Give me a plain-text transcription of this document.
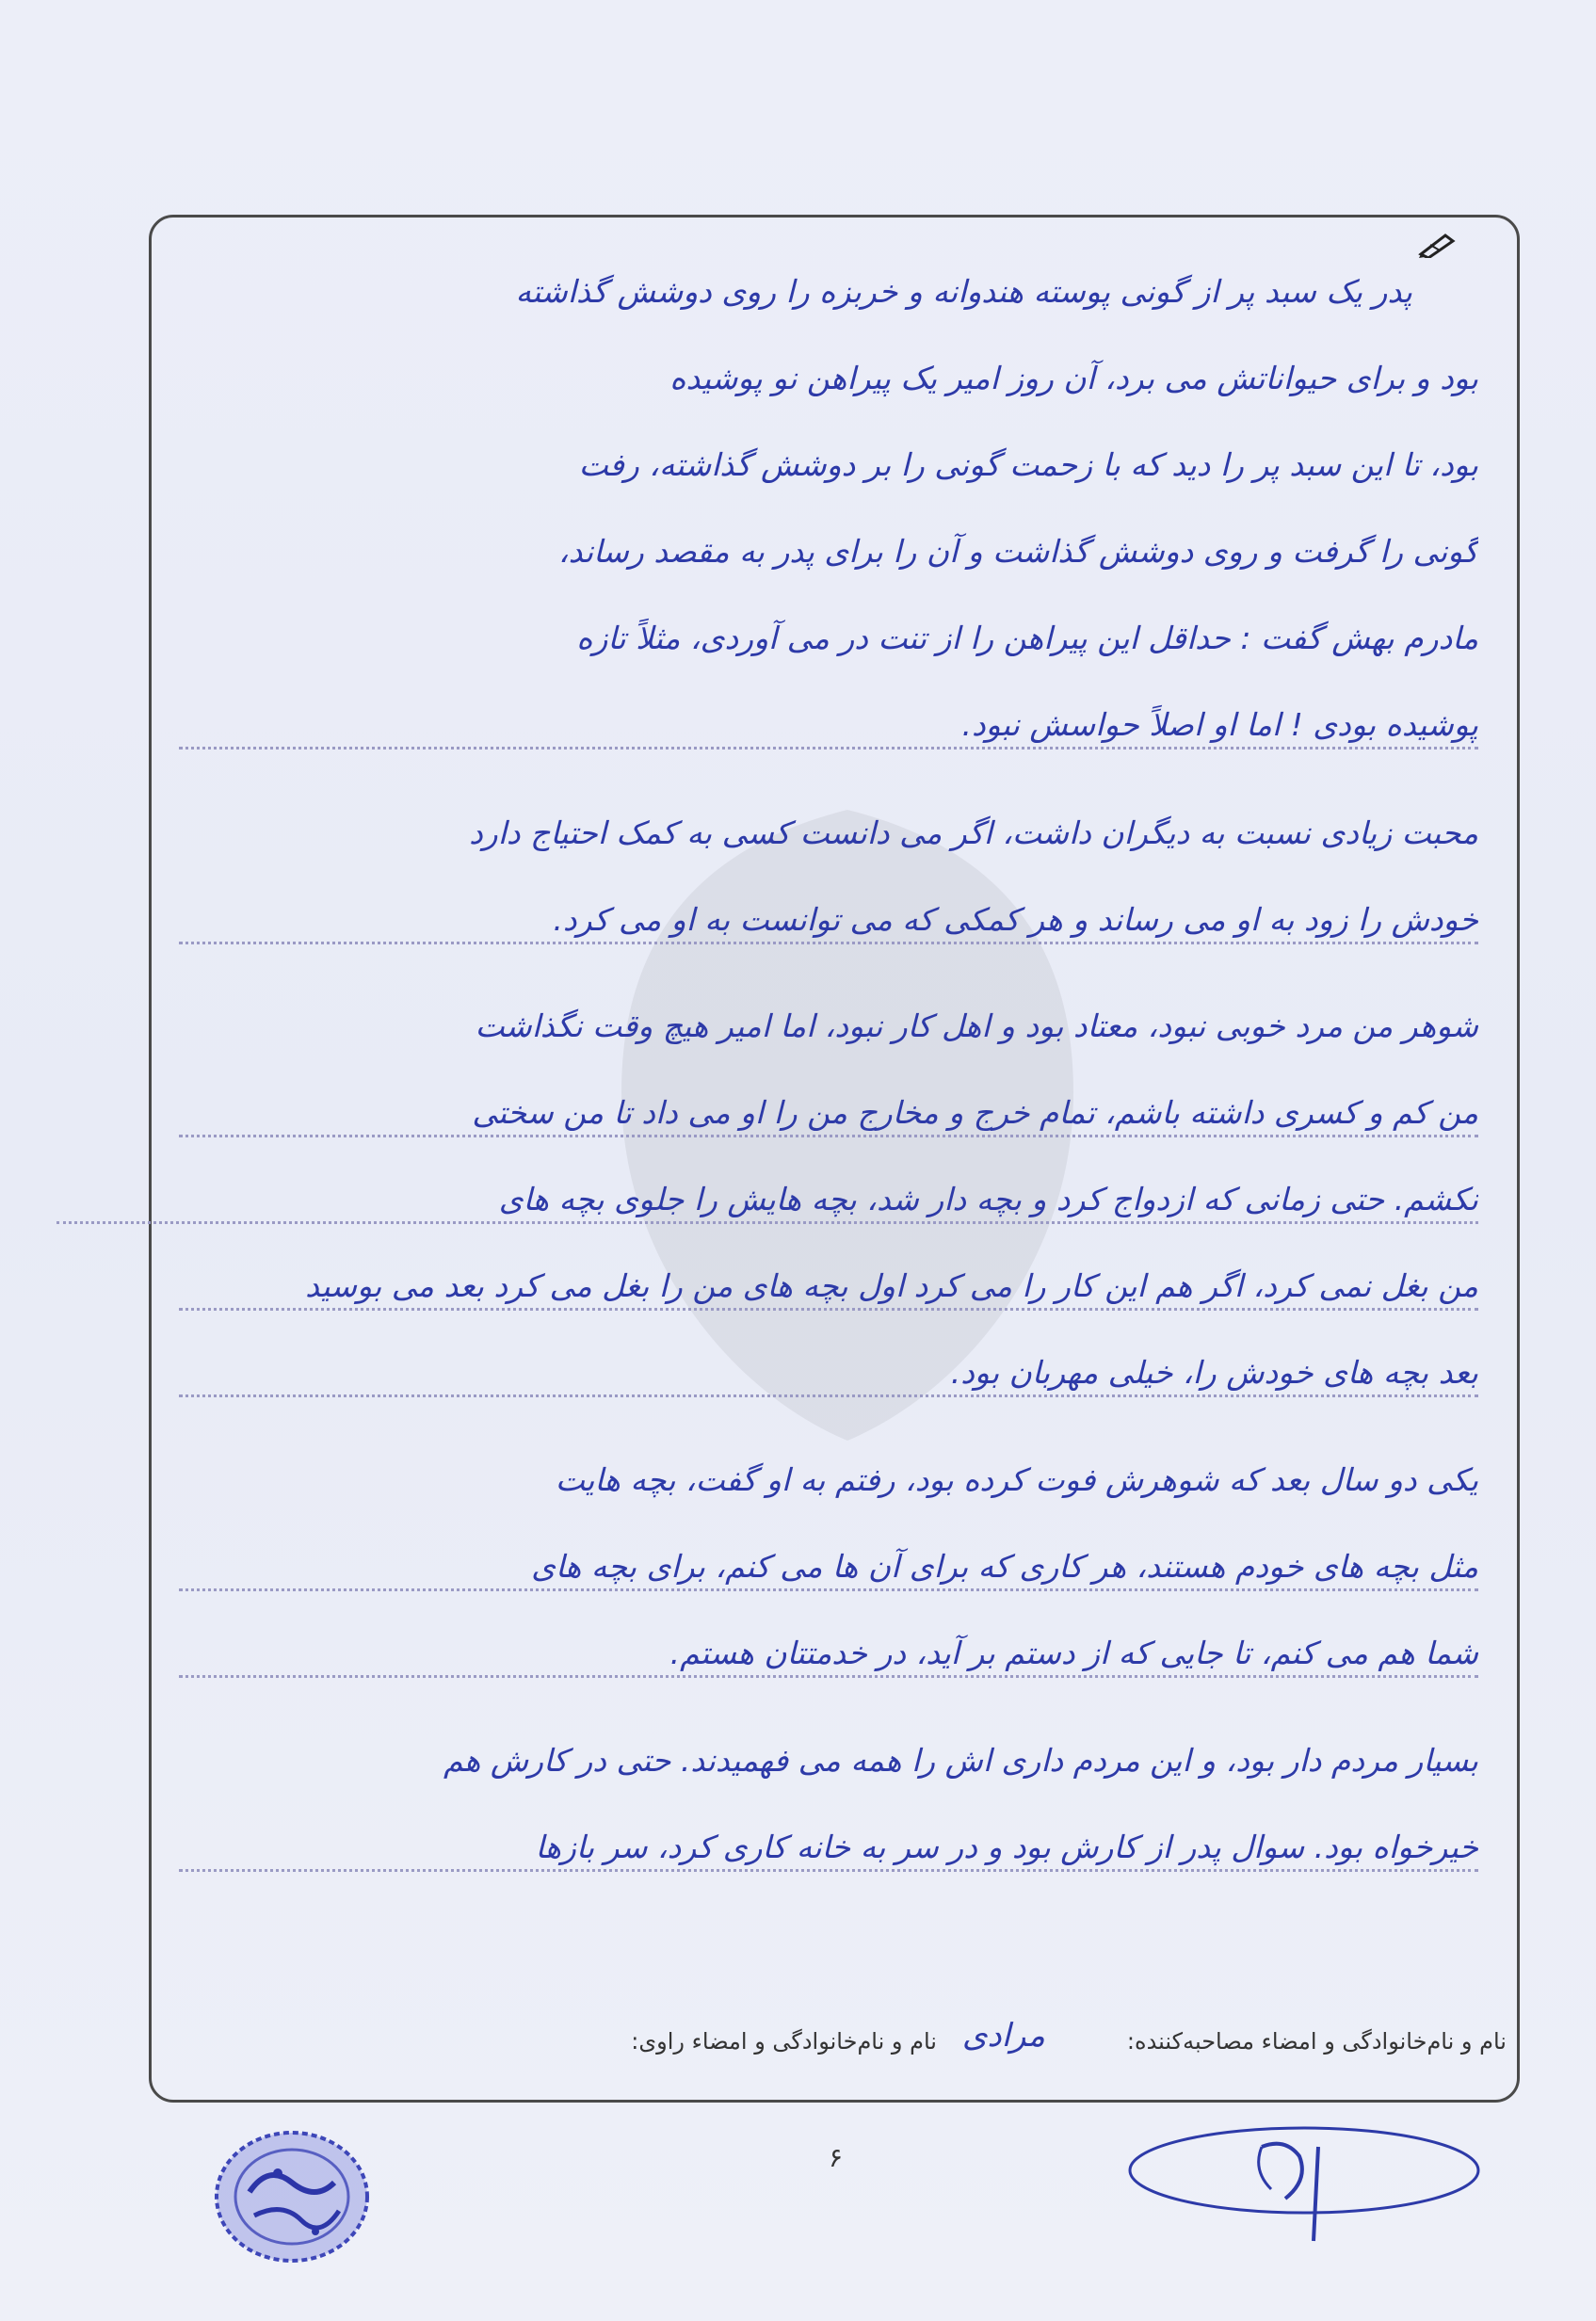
پدر یک سبد پر از گونی پوسته هندوانه و خربزه را روی دوشش گذاشته
بود و برای حیواناتش می برد، آن روز امیر یک پیراهن نو پوشیده
بود، تا این سبد پر را دید که با زحمت گونی را بر دوشش گذاشته، رفت
گونی را گرفت و روی دوشش گذاشت و آن را برای پدر به مقصد رساند،
مادرم بهش گفت : حداقل این پیراهن را از تنت در می آوردی، مثلاً تازه
پوشیده بودی ! اما او اصلاً حواسش نبود.
محبت زیادی نسبت به دیگران داشت، اگر می دانست کسی به کمک احتیاج دارد
خودش را زود به او می رساند و هر کمکی که می توانست به او می کرد.
شوهر من مرد خوبی نبود، معتاد بود و اهل کار نبود، اما امیر هیچ وقت نگذاشت
من کم و کسری داشته باشم، تمام خرج و مخارج من را او می داد تا من سختی
نکشم. حتی زمانی که ازدواج کرد و بچه دار شد، بچه هایش را جلوی بچه های
من بغل نمی کرد، اگر هم این کار را می کرد اول بچه های من را بغل می کرد بعد می بوسید
بعد بچه های خودش را، خیلی مهربان بود.
یکی دو سال بعد که شوهرش فوت کرده بود، رفتم به او گفت، بچه هایت
مثل بچه های خودم هستند، هر کاری که برای آن ها می کنم، برای بچه های
شما هم می کنم، تا جایی که از دستم بر آید، در خدمتتان هستم.
بسیار مردم دار بود، و این مردم داری اش را همه می فهمیدند. حتی در کارش هم
خیرخواه بود. سوال پدر از کارش بود و در سر به خانه کاری کرد، سر بازها
نام و نام‌خانوادگی و امضاء مصاحبه‌کننده:
مرادی
نام و نام‌خانوادگی و امضاء راوی:
۶
